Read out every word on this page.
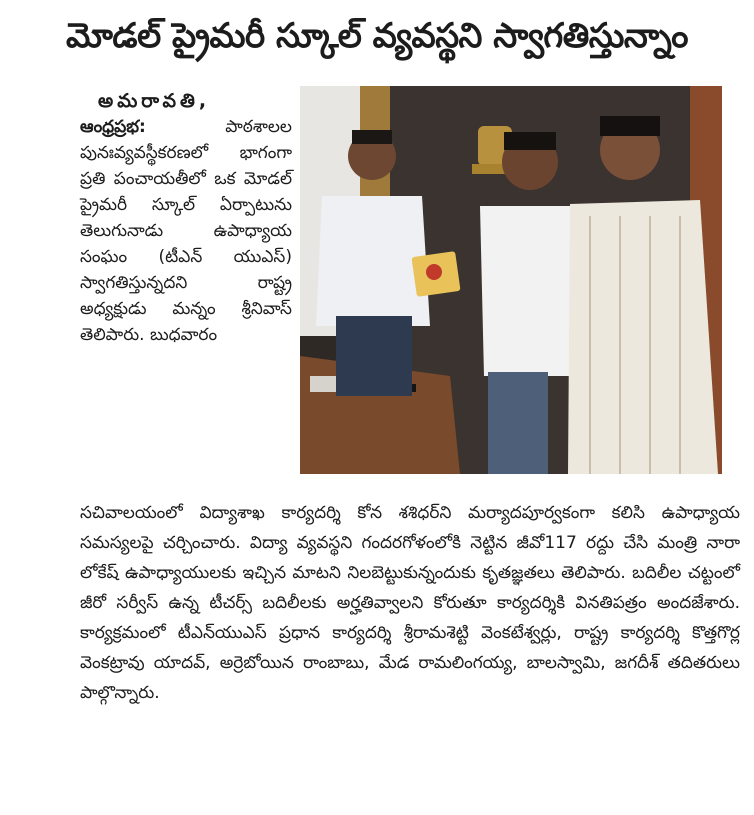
మోడల్ ప్రైమరీ స్కూల్ వ్యవస్థని స్వాగతిస్తున్నాం
అమరావతి,
ఆంధ్రప్రభ: పాఠశాలల పునఃవ్యవస్థీకరణలో భాగంగా ప్రతి పంచాయతీలో ఒక మోడల్ ప్రైమరీ స్కూల్ ఏర్పాటును తెలుగునాడు ఉపాధ్యాయ సంఘం (టీఎన్ యుఎస్) స్వాగతిస్తున్నదని రాష్ట్ర అధ్యక్షుడు మన్నం శ్రీనివాస్ తెలిపారు. బుధవారం
సచివాలయంలో విద్యాశాఖ కార్యదర్శి కోన శశిధర్‌ని మర్యాదపూర్వకంగా కలిసి ఉపాధ్యాయ సమస్యలపై చర్చించారు. విద్యా వ్యవస్థని గందరగోళంలోకి నెట్టిన జీవో117 రద్దు చేసి మంత్రి నారా లోకేష్ ఉపాధ్యాయులకు ఇచ్చిన మాటని నిలబెట్టుకున్నందుకు కృతజ్ఞతలు తెలిపారు. బదిలీల చట్టంలో జీరో సర్వీస్ ఉన్న టీచర్స్ బదిలీలకు అర్హతివ్వాలని కోరుతూ కార్యదర్శికి వినతిపత్రం అందజేశారు. కార్యక్రమంలో టీఎన్‌యుఎస్ ప్రధాన కార్యదర్శి శ్రీరామశెట్టి వెంకటేశ్వర్లు, రాష్ట్ర కార్యదర్శి కొత్తగొర్ల వెంకట్రావు యాదవ్, అర్రెబోయిన రాంబాబు, మేడ రామలింగయ్య, బాలస్వామి, జగదీశ్ తదితరులు పాల్గొన్నారు.
